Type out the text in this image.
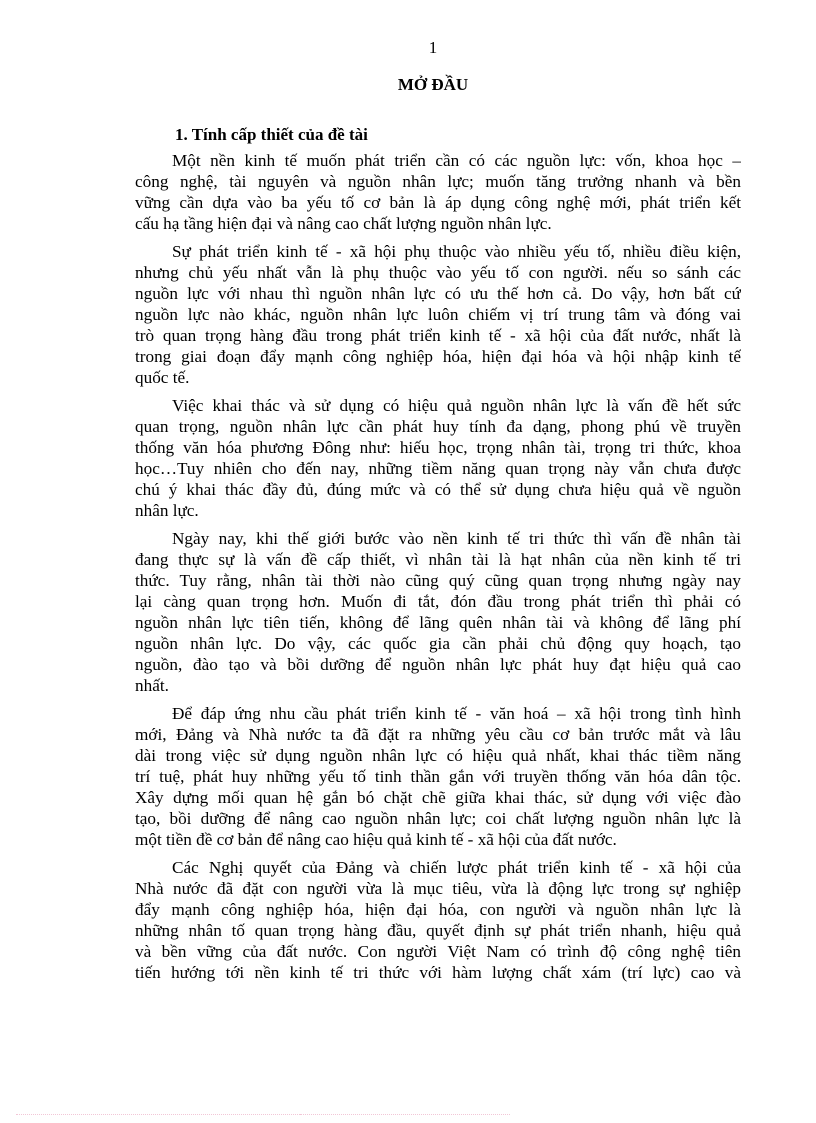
1
MỞ ĐẦU
1. Tính cấp thiết của đề tài
Một nền kinh tế muốn phát triển cần có các nguồn lực: vốn, khoa học –
công nghệ, tài nguyên và nguồn nhân lực; muốn tăng trưởng nhanh và bền
vững cần dựa vào ba yếu tố cơ bản là áp dụng công nghệ mới, phát triển kết
cấu hạ tầng hiện đại và nâng cao chất lượng nguồn nhân lực.
Sự phát triển kinh tế - xã hội phụ thuộc vào nhiều yếu tố, nhiều điều kiện,
nhưng chủ yếu nhất vẫn là phụ thuộc vào yếu tố con người. nếu so sánh các
nguồn lực với nhau thì nguồn nhân lực có ưu thế hơn cả. Do vậy, hơn bất cứ
nguồn lực nào khác, nguồn nhân lực luôn chiếm vị trí trung tâm và đóng vai
trò quan trọng hàng đầu trong phát triển kinh tế - xã hội của đất nước, nhất là
trong giai đoạn đẩy mạnh công nghiệp hóa, hiện đại hóa và hội nhập kinh tế
quốc tế.
Việc khai thác và sử dụng có hiệu quả nguồn nhân lực là vấn đề hết sức
quan trọng, nguồn nhân lực cần phát huy tính đa dạng, phong phú về truyền
thống văn hóa phương Đông như: hiếu học, trọng nhân tài, trọng tri thức, khoa
học…Tuy nhiên cho đến nay, những tiềm năng quan trọng này vẫn chưa được
chú ý khai thác đầy đủ, đúng mức và có thể sử dụng chưa hiệu quả về nguồn
nhân lực.
Ngày nay, khi thế giới bước vào nền kinh tế tri thức thì vấn đề nhân tài
đang thực sự là vấn đề cấp thiết, vì nhân tài là hạt nhân của nền kinh tế tri
thức. Tuy rằng, nhân tài thời nào cũng quý cũng quan trọng nhưng ngày nay
lại càng quan trọng hơn. Muốn đi tắt, đón đầu trong phát triển thì phải có
nguồn nhân lực tiên tiến, không để lãng quên nhân tài và không để lãng phí
nguồn nhân lực. Do vậy, các quốc gia cần phải chủ động quy hoạch, tạo
nguồn, đào tạo và bồi dưỡng để nguồn nhân lực phát huy đạt hiệu quả cao
nhất.
Để đáp ứng nhu cầu phát triển kinh tế - văn hoá – xã hội trong tình hình
mới, Đảng và Nhà nước ta đã đặt ra những yêu cầu cơ bản trước mắt và lâu
dài trong việc sử dụng nguồn nhân lực có hiệu quả nhất, khai thác tiềm năng
trí tuệ, phát huy những yếu tố tinh thần gắn với truyền thống văn hóa dân tộc.
Xây dựng mối quan hệ gắn bó chặt chẽ giữa khai thác, sử dụng với việc đào
tạo, bồi dưỡng để nâng cao nguồn nhân lực; coi chất lượng nguồn nhân lực là
một tiền đề cơ bản để nâng cao hiệu quả kinh tế - xã hội của đất nước.
Các Nghị quyết của Đảng và chiến lược phát triển kinh tế - xã hội của
Nhà nước đã đặt con người vừa là mục tiêu, vừa là động lực trong sự nghiệp
đẩy mạnh công nghiệp hóa, hiện đại hóa, con người và nguồn nhân lực là
những nhân tố quan trọng hàng đầu, quyết định sự phát triển nhanh, hiệu quả
và bền vững của đất nước. Con người Việt Nam có trình độ công nghệ tiên
tiến hướng tới nền kinh tế tri thức với hàm lượng chất xám (trí lực) cao và
